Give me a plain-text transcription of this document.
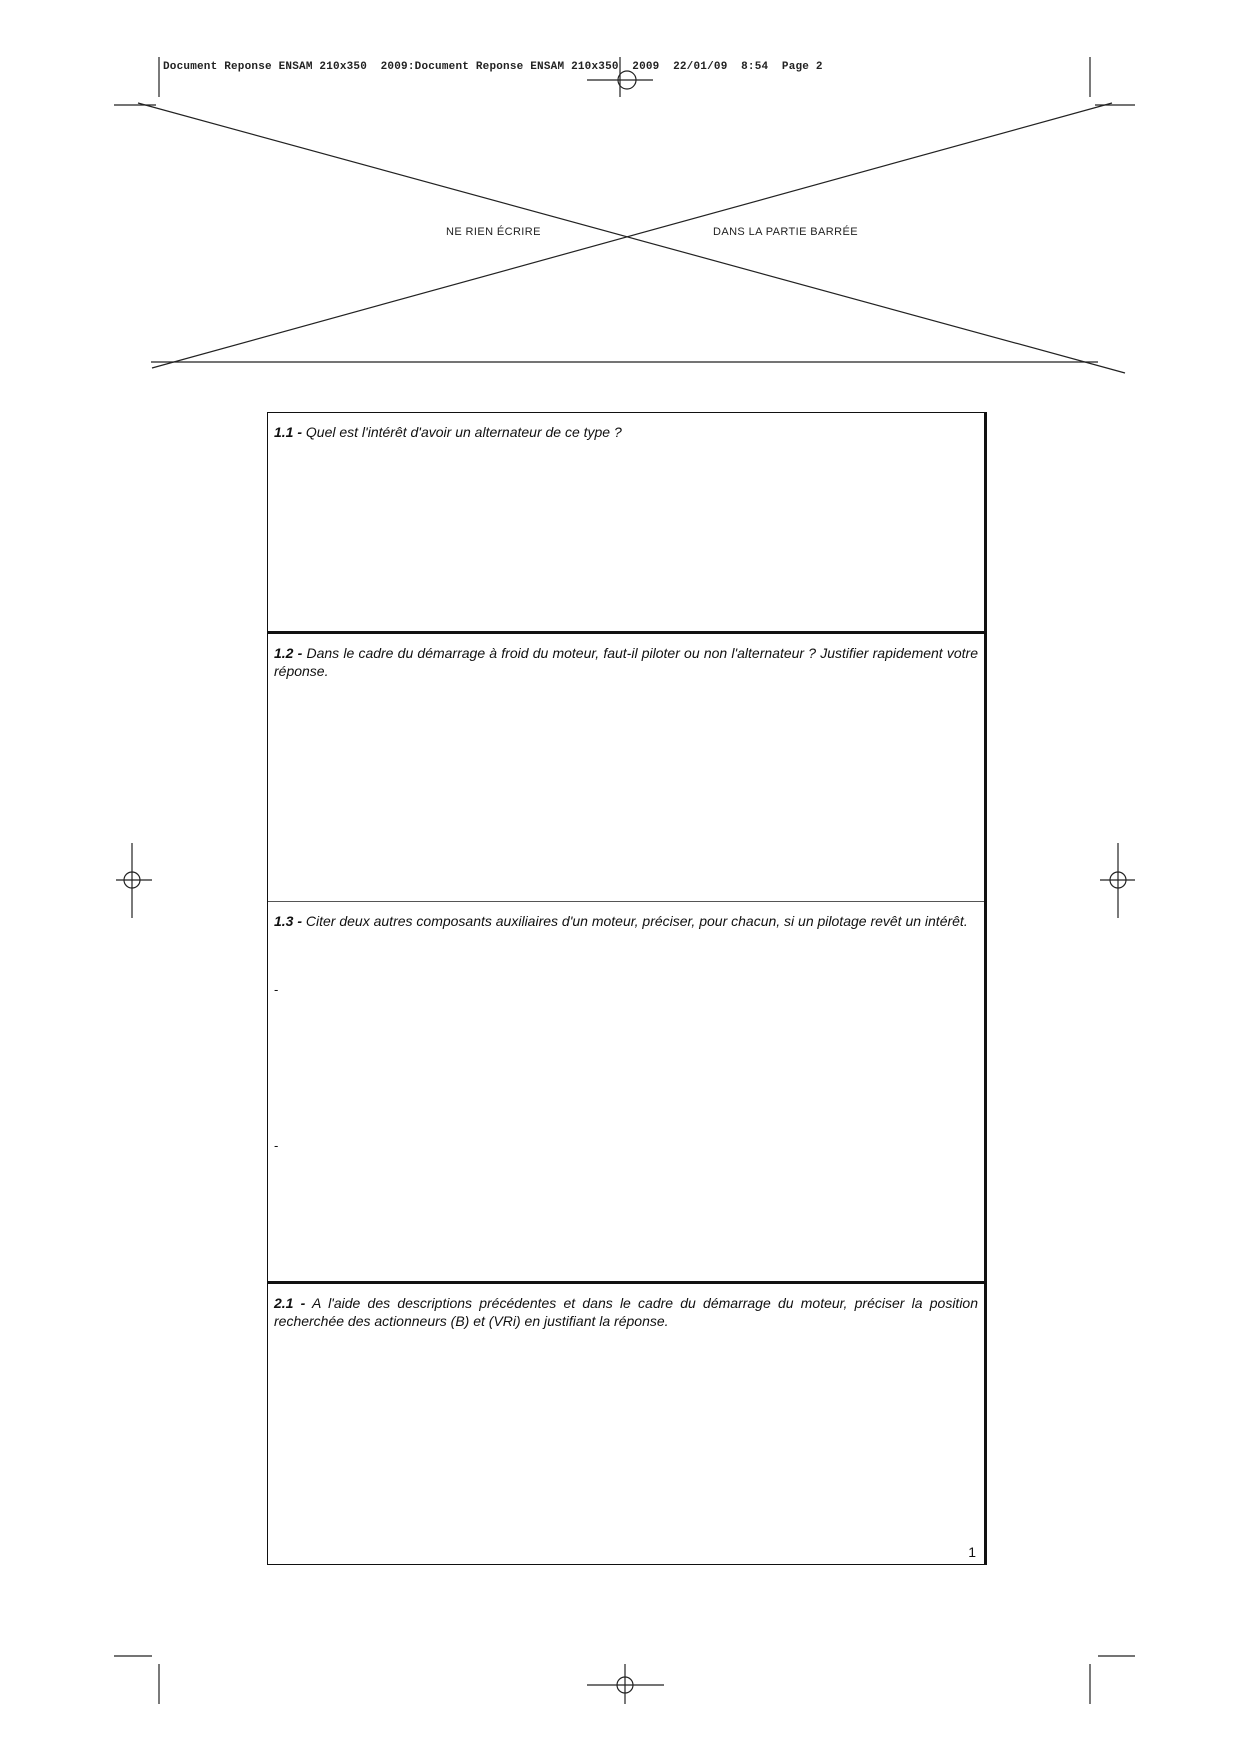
Document Reponse ENSAM 210x350  2009:Document Reponse ENSAM 210x350  2009  22/01/09  8:54  Page 2
NE RIEN ÉCRIRE	DANS LA PARTIE BARRÉE

1.1 - Quel est l'intérêt d'avoir un alternateur de ce type ?

1.2 - Dans le cadre du démarrage à froid du moteur, faut-il piloter ou non l'alternateur ? Justifier rapidement votre réponse.

1.3 - Citer deux autres composants auxiliaires d'un moteur, préciser, pour chacun, si un pilotage revêt un intérêt.

-
-

2.1 - A l'aide des descriptions précédentes et dans le cadre du démarrage du moteur, préciser la position recherchée des actionneurs (B) et (VRi) en justifiant la réponse.

1
